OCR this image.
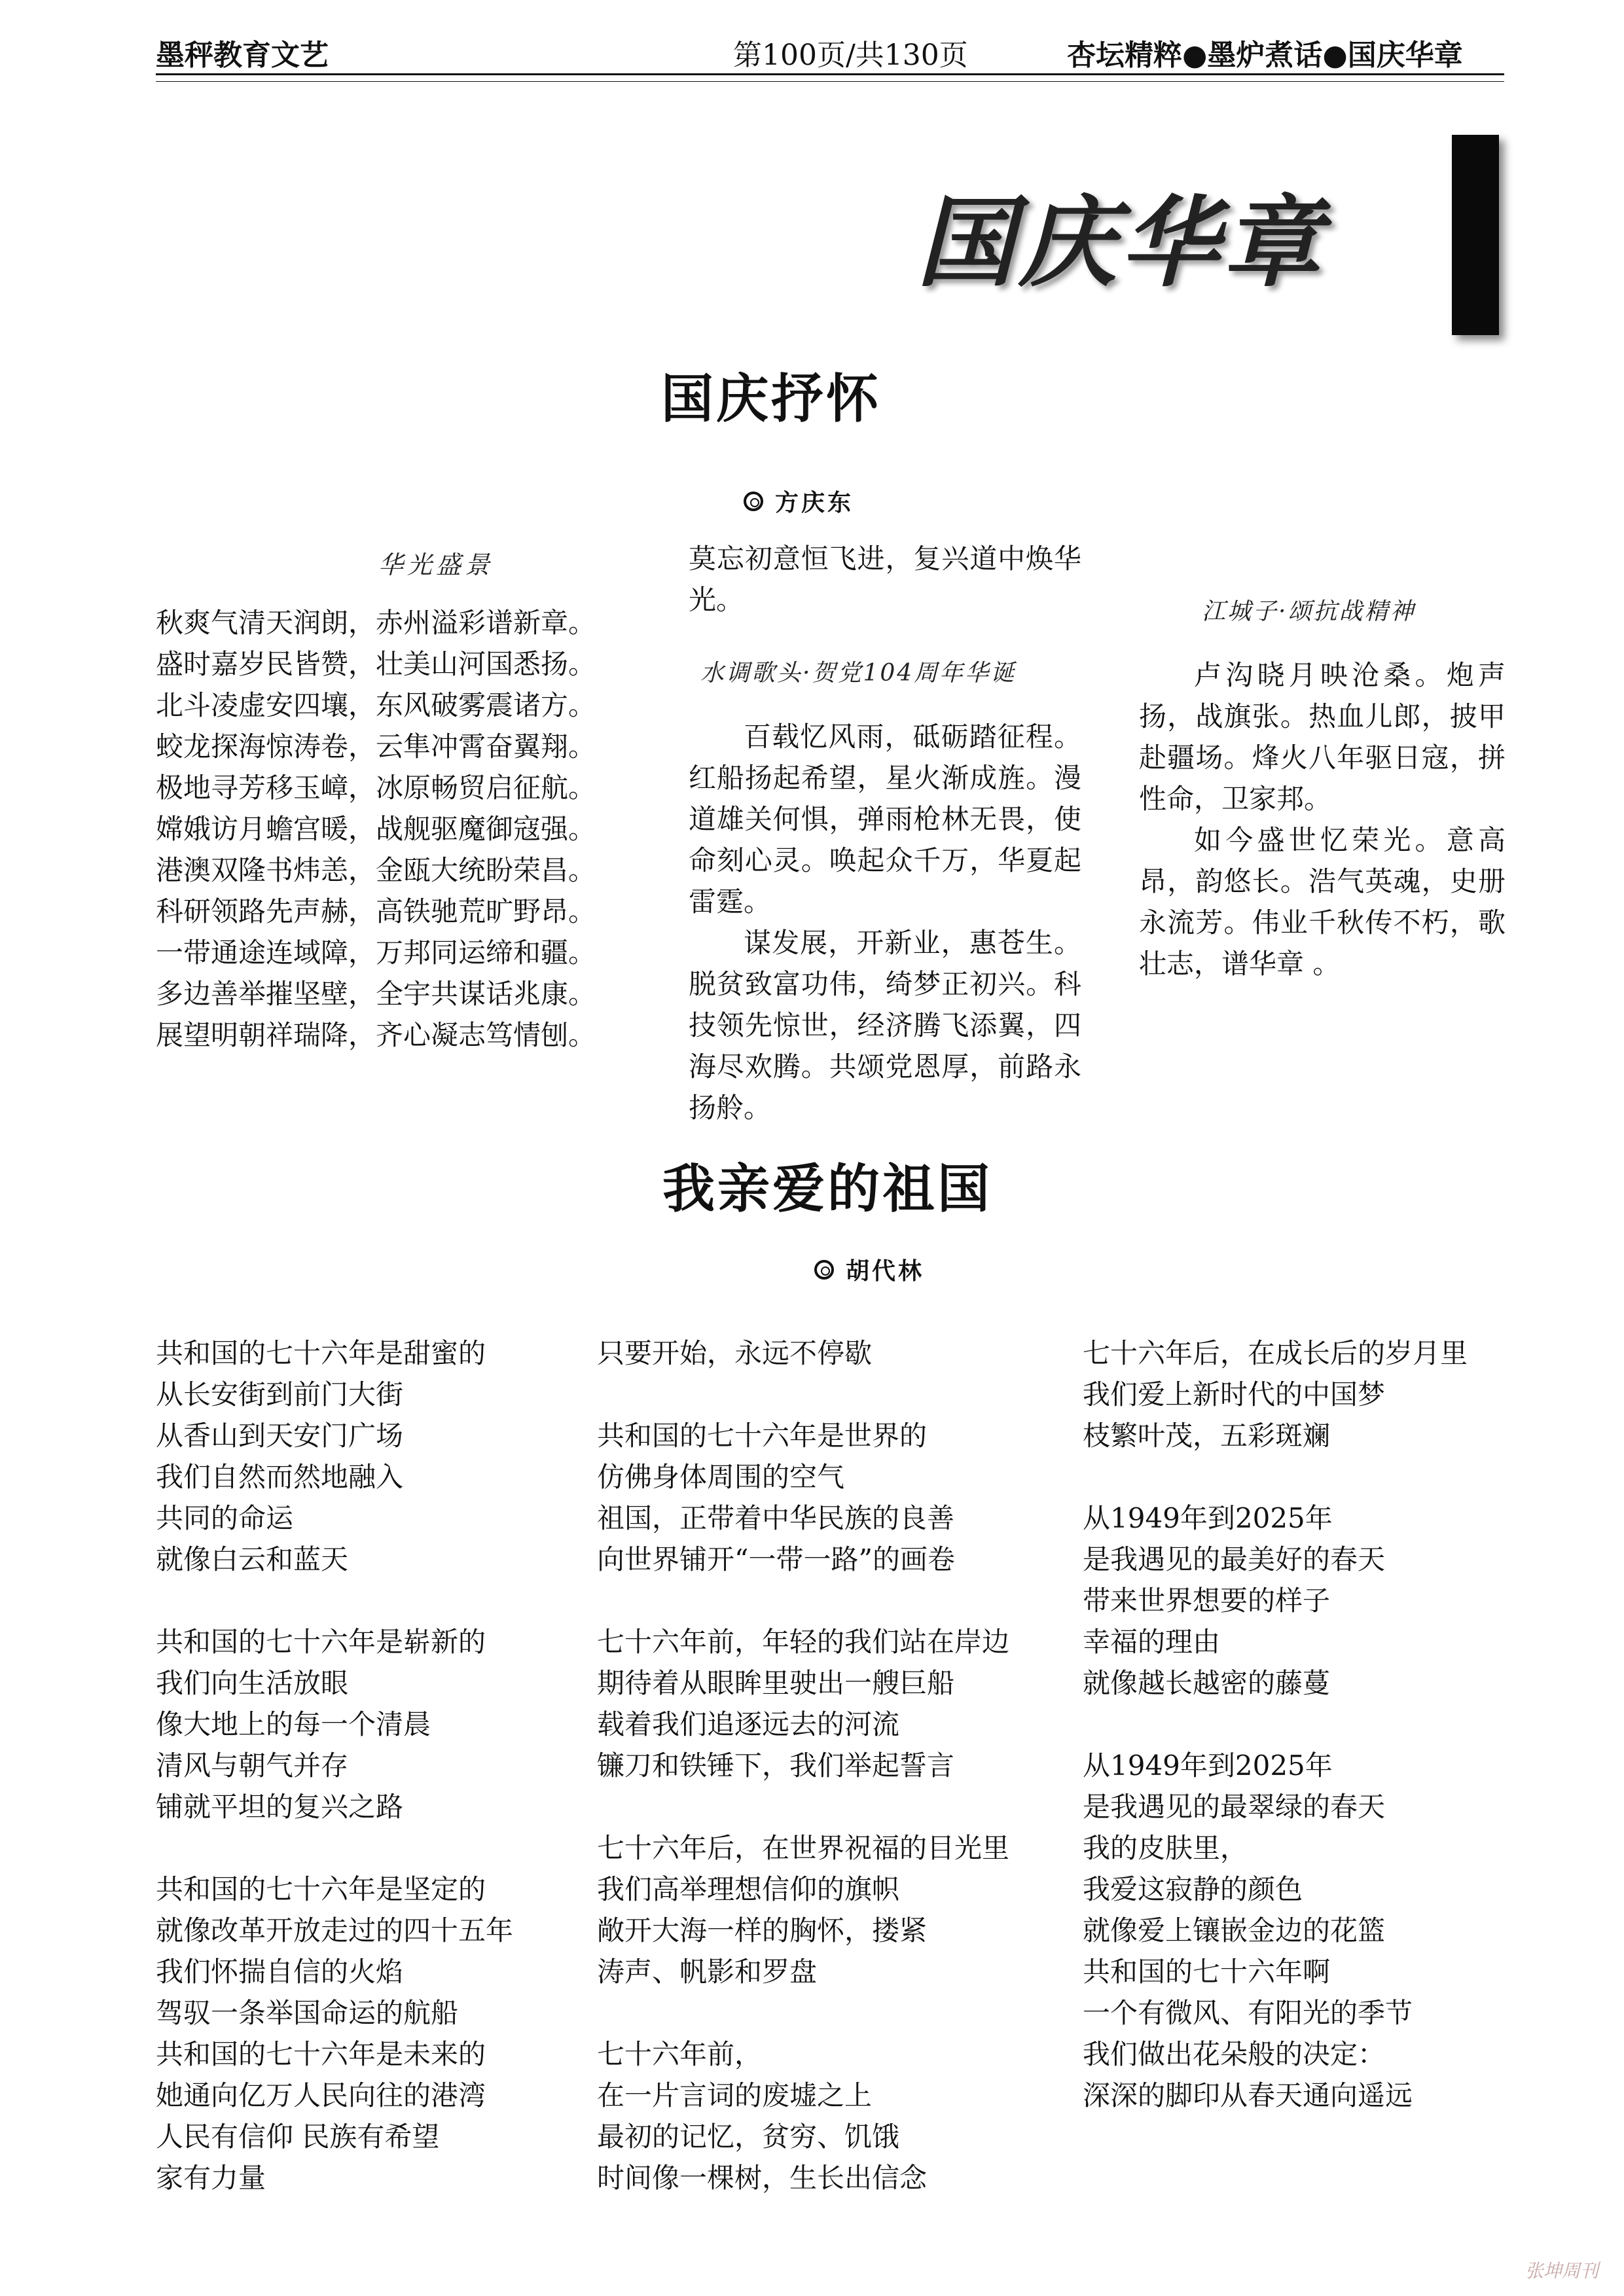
墨秤教育文艺	第100页/共130页	杏坛精粹●墨炉煮话●国庆华章
国庆华章
国庆抒怀
方庆东
华光盛景
秋爽气清天润朗，赤州溢彩谱新章。
盛时嘉岁民皆赞，壮美山河国悉扬。
北斗凌虚安四壤，东风破雾震诸方。
蛟龙探海惊涛卷，云隼冲霄奋翼翔。
极地寻芳移玉嶂，冰原畅贸启征航。
嫦娥访月蟾宫暖，战舰驱魔御寇强。
港澳双隆书炜恙，金瓯大统盼荣昌。
科研领路先声赫，高铁驰荒旷野昂。
一带通途连域障，万邦同运缔和疆。
多边善举摧坚壁，全宇共谋话兆康。
展望明朝祥瑞降，齐心凝志笃情刨。
莫忘初意恒飞进，复兴道中焕华光。
水调歌头·贺党104周年华诞
百载忆风雨，砥砺踏征程。红船扬起希望，星火渐成旌。漫道雄关何惧，弹雨枪林无畏，使命刻心灵。唤起众千万，华夏起雷霆。
谋发展，开新业，惠苍生。脱贫致富功伟，绮梦正初兴。科技领先惊世，经济腾飞添翼，四海尽欢腾。共颂党恩厚，前路永扬舲。
江城子·颂抗战精神
卢沟晓月映沧桑。炮声扬，战旗张。热血儿郎，披甲赴疆场。烽火八年驱日寇，拼性命，卫家邦。
如今盛世忆荣光。意高昂，韵悠长。浩气英魂，史册永流芳。伟业千秋传不朽，歌壮志，谱华章 。
我亲爱的祖国
胡代林
共和国的七十六年是甜蜜的
从长安街到前门大街
从香山到天安门广场
我们自然而然地融入
共同的命运
就像白云和蓝天

共和国的七十六年是崭新的
我们向生活放眼
像大地上的每一个清晨
清风与朝气并存
铺就平坦的复兴之路

共和国的七十六年是坚定的
就像改革开放走过的四十五年
我们怀揣自信的火焰
驾驭一条举国命运的航船
共和国的七十六年是未来的
她通向亿万人民向往的港湾
人民有信仰 民族有希望
家有力量
只要开始，永远不停歇

共和国的七十六年是世界的
仿佛身体周围的空气
祖国，正带着中华民族的良善
向世界铺开“一带一路”的画卷

七十六年前，年轻的我们站在岸边
期待着从眼眸里驶出一艘巨船
载着我们追逐远去的河流
镰刀和铁锤下，我们举起誓言

七十六年后，在世界祝福的目光里
我们高举理想信仰的旗帜
敞开大海一样的胸怀，搂紧
涛声、帆影和罗盘

七十六年前，
在一片言词的废墟之上
最初的记忆，贫穷、饥饿
时间像一棵树，生长出信念
七十六年后，在成长后的岁月里
我们爱上新时代的中国梦
枝繁叶茂，五彩斑斓

从1949年到2025年
是我遇见的最美好的春天
带来世界想要的样子
幸福的理由
就像越长越密的藤蔓

从1949年到2025年
是我遇见的最翠绿的春天
我的皮肤里，
我爱这寂静的颜色
就像爱上镶嵌金边的花篮
共和国的七十六年啊
一个有微风、有阳光的季节
我们做出花朵般的决定：
深深的脚印从春天通向遥远
张坤周刊
